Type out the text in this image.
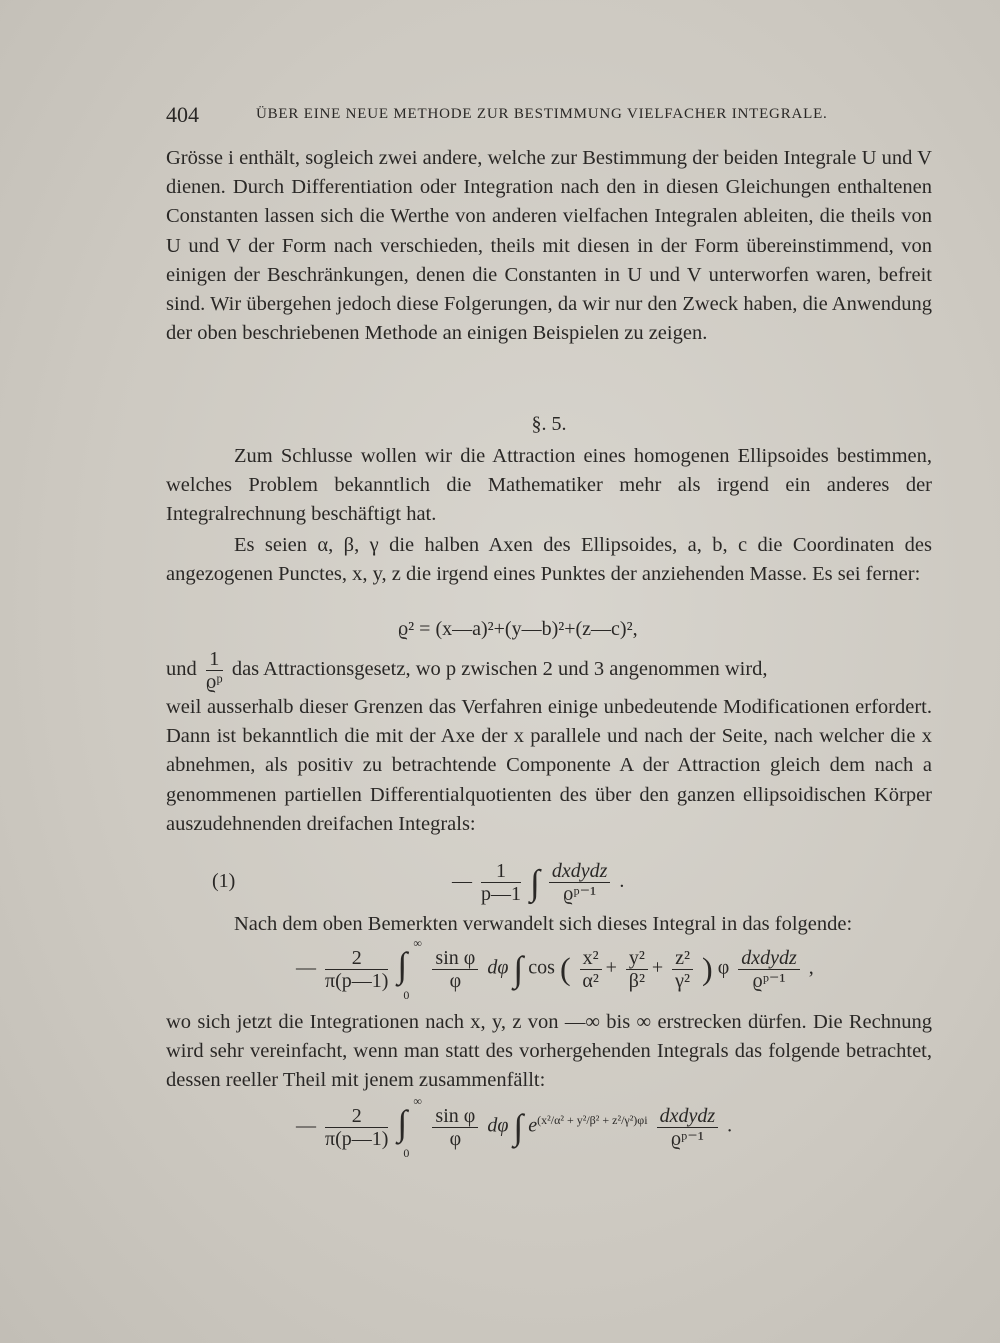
404	ÜBER EINE NEUE METHODE ZUR BESTIMMUNG VIELFACHER INTEGRALE.

Grösse i enthält, sogleich zwei andere, welche zur Bestimmung der beiden Integrale U und V dienen. Durch Differentiation oder Integration nach den in diesen Gleichungen enthaltenen Constanten lassen sich die Werthe von anderen vielfachen Integralen ableiten, die theils von U und V der Form nach verschieden, theils mit diesen in der Form übereinstimmend, von einigen der Beschränkungen, denen die Constanten in U und V unterworfen waren, befreit sind. Wir übergehen jedoch diese Folgerungen, da wir nur den Zweck haben, die Anwendung der oben beschriebenen Methode an einigen Beispielen zu zeigen.

§. 5.

Zum Schlusse wollen wir die Attraction eines homogenen Ellipsoides bestimmen, welches Problem bekanntlich die Mathematiker mehr als irgend ein anderes der Integralrechnung beschäftigt hat.

Es seien α, β, γ die halben Axen des Ellipsoides, a, b, c die Coordinaten des angezogenen Punctes, x, y, z die irgend eines Punktes der anziehenden Masse. Es sei ferner:

ϱ² = (x—a)²+(y—b)²+(z—c)²,

und $\frac{1}{\text{ϱᵖ}}$ das Attractionsgesetz, wo p zwischen 2 und 3 angenommen wird,

weil ausserhalb dieser Grenzen das Verfahren einige unbedeutende Modificationen erfordert. Dann ist bekanntlich die mit der Axe der x parallele und nach der Seite, nach welcher die x abnehmen, als positiv zu betrachtende Componente A der Attraction gleich dem nach a genommenen partiellen Differentialquotienten des über den ganzen ellipsoidischen Körper auszudehnenden dreifachen Integrals:

(1)	— $\frac{1}{p—1}$ ∫ $\frac{\text{dxdydz}}{\text{ϱᵖ⁻¹}}$ .

Nach dem oben Bemerkten verwandelt sich dieses Integral in das folgende:

— $\frac{2}{\pi(p—1)}$
∫
∞
0

$\frac{\text{sin φ}}{\varphi}$ dφ ∫ cos ( $\frac{\text{x²}}{\text{α²}} + \frac{\text{y²}}{\text{β²}} + \frac{\text{z²}}{\text{γ²}}$ ) φ $\frac{\text{dxdydz}}{\text{ϱᵖ⁻¹}}$ ,

wo sich jetzt die Integrationen nach x, y, z von —∞ bis ∞ erstrecken dürfen. Die Rechnung wird sehr vereinfacht, wenn man statt des vorhergehenden Integrals das folgende betrachtet, dessen reeller Theil mit jenem zusammenfällt:

— $\frac{2}{\pi(p—1)}$
∫
∞
0

$\frac{\text{sin φ}}{\varphi}$ dφ ∫ $e^{(x^2/\alpha^2 + y^2/\beta^2 + z^2/\gamma^2)\varphi i} \frac{\text{dxdydz}}{\text{ϱᵖ⁻¹}}$ .
